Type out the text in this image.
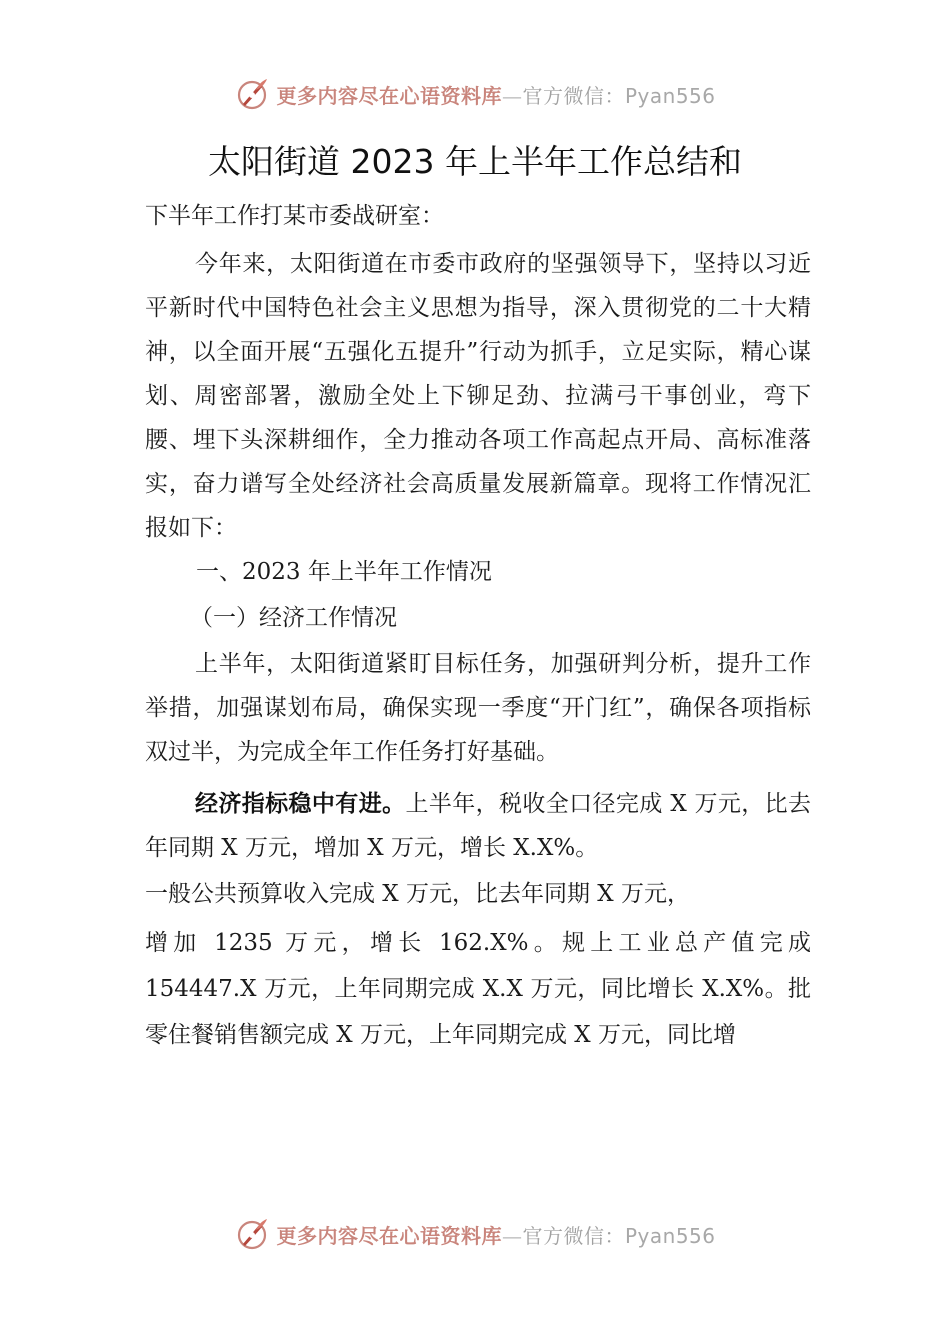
更多内容尽在心语资料库—官方微信：Pyan556
太阳街道 2023 年上半年工作总结和
下半年工作打某市委战研室：
今年来，太阳街道在市委市政府的坚强领导下，坚持以习近平新时代中国特色社会主义思想为指导，深入贯彻党的二十大精神，以全面开展“五强化五提升”行动为抓手，立足实际，精心谋划、周密部署，激励全处上下铆足劲、拉满弓干事创业，弯下腰、埋下头深耕细作，全力推动各项工作高起点开局、高标准落实，奋力谱写全处经济社会高质量发展新篇章。现将工作情况汇报如下：
一、2023 年上半年工作情况
（一）经济工作情况
上半年，太阳街道紧盯目标任务，加强研判分析，提升工作举措，加强谋划布局，确保实现一季度“开门红”，确保各项指标双过半，为完成全年工作任务打好基础。
经济指标稳中有进。上半年，税收全口径完成 X 万元，比去年同期 X 万元，增加 X 万元，增长 X.X%。
一般公共预算收入完成 X 万元，比去年同期 X 万元，
增加 1235 万元，增长 162.X%。规上工业总产值完成 154447.X 万元，上年同期完成 X.X 万元，同比增长 X.X%。批零住餐销售额完成 X 万元，上年同期完成 X 万元，同比增
更多内容尽在心语资料库—官方微信：Pyan556
